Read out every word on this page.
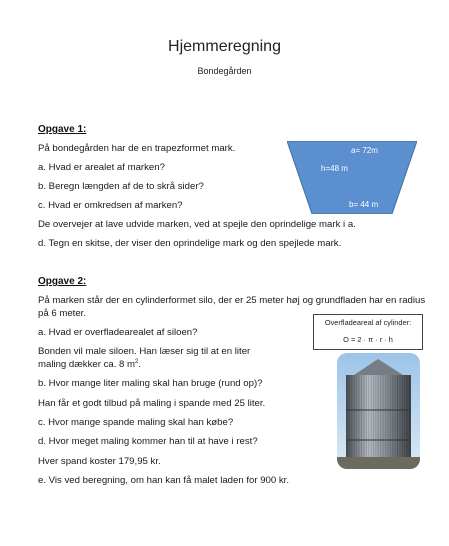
Hjemmeregning
Bondegården
Opgave 1:
På bondegården har de en trapezformet mark.
a. Hvad er arealet af marken?
b. Beregn længden af de to skrå sider?
c. Hvad er omkredsen af marken?
De overvejer at lave udvide marken, ved at spejle den oprindelige mark i a.
d. Tegn en skitse, der viser den oprindelige mark og den spejlede mark.
a= 72m
h=48 m
b= 44 m
Opgave 2:
På marken står der en cylinderformet silo, der er 25 meter høj og grundfladen har en radius på 6 meter.
a. Hvad er overfladearealet af siloen?
Bonden vil male siloen. Han læser sig til at en liter
maling dækker ca. 8 $m^2$.
b. Hvor mange liter maling skal han bruge (rund op)?
Han får et godt tilbud på maling i spande med 25 liter.
c. Hvor mange spande maling skal han købe?
d. Hvor meget maling kommer han til at have i rest?
Hver spand koster 179,95 kr.
e. Vis ved beregning, om han kan få malet laden for 900 kr.
Overfladeareal af cylinder:
O = 2 · π · r · h
